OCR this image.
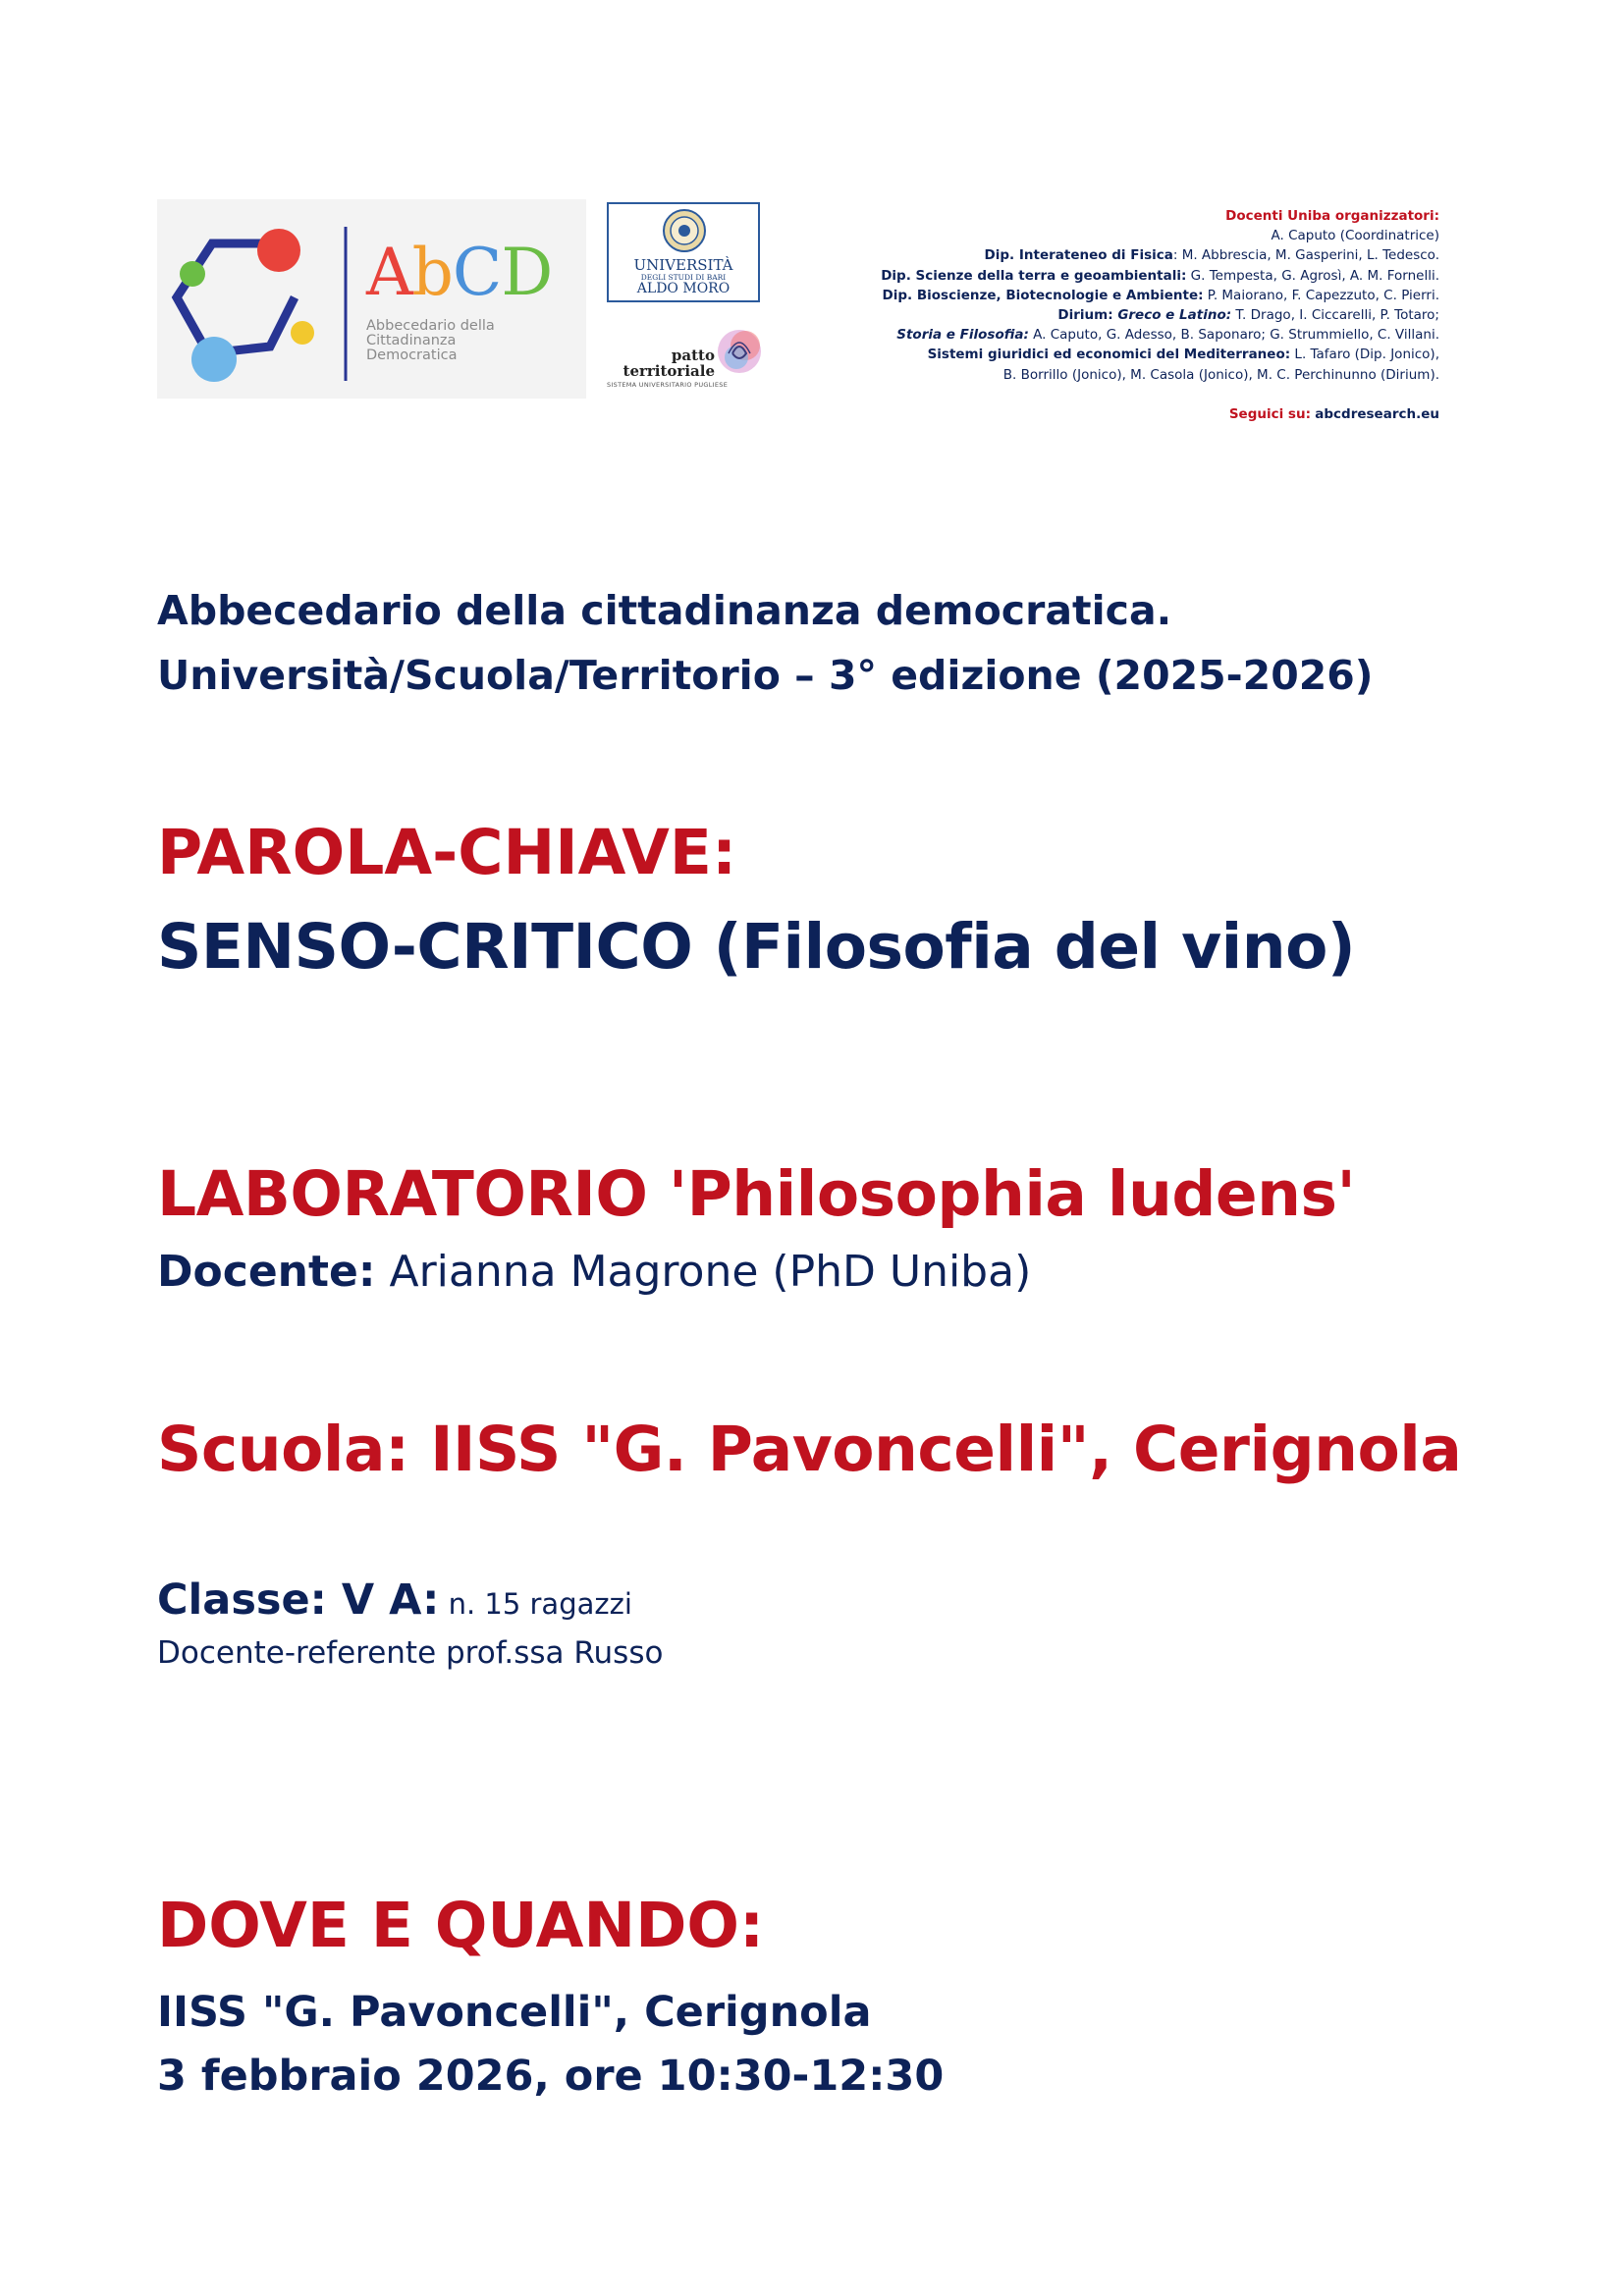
AbCD
Abbecedario della
Cittadinanza
Democratica
UNIVERSITÀ
DEGLI STUDI DI BARI
ALDO MORO
patto
territoriale
SISTEMA UNIVERSITARIO PUGLIESE
Docenti Uniba organizzatori:
A. Caputo (Coordinatrice)
Dip. Interateneo di Fisica: M. Abbrescia, M. Gasperini, L. Tedesco.
Dip. Scienze della terra e geoambientali: G. Tempesta, G. Agrosì, A. M. Fornelli.
Dip. Bioscienze, Biotecnologie e Ambiente: P. Maiorano, F. Capezzuto, C. Pierri.
Dirium: Greco e Latino: T. Drago, I. Ciccarelli, P. Totaro;
Storia e Filosofia: A. Caputo, G. Adesso, B. Saponaro; G. Strummiello, C. Villani.
Sistemi giuridici ed economici del Mediterraneo: L. Tafaro (Dip. Jonico),
B. Borrillo (Jonico), M. Casola (Jonico), M. C. Perchinunno (Dirium).
Seguici su: abcdresearch.eu
Abbecedario della cittadinanza democratica.
Università/Scuola/Territorio – 3° edizione (2025-2026)
PAROLA-CHIAVE:
SENSO-CRITICO (Filosofia del vino)
LABORATORIO 'Philosophia ludens'
Docente: Arianna Magrone (PhD Uniba)
Scuola: IISS "G. Pavoncelli", Cerignola
Classe: V A: n. 15 ragazzi
Docente-referente prof.ssa Russo
DOVE E QUANDO:
IISS "G. Pavoncelli", Cerignola
3 febbraio 2026, ore 10:30-12:30
